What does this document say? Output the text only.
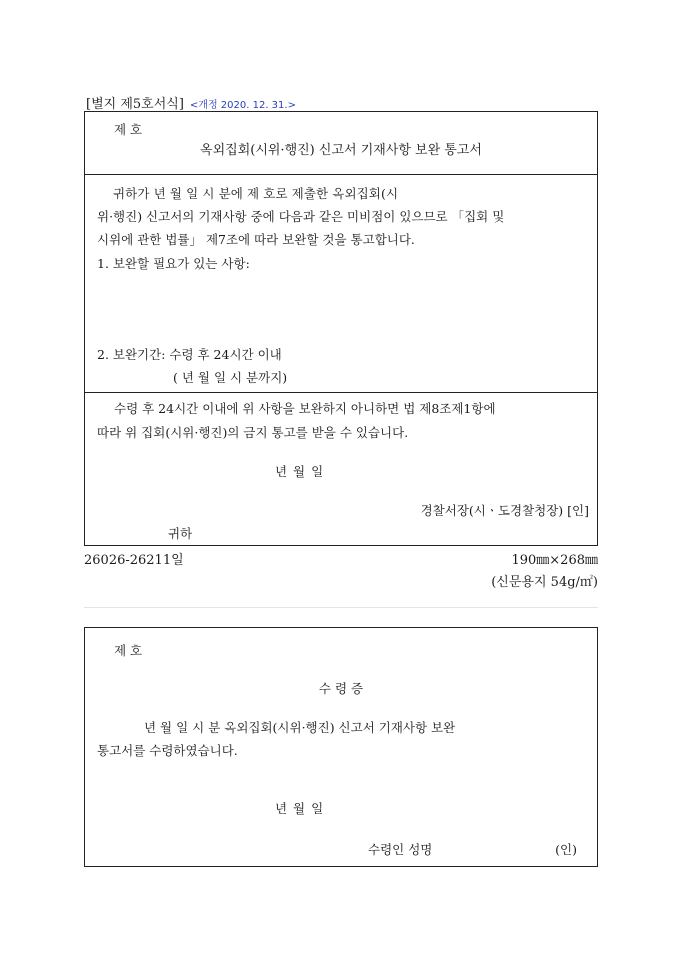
[별지 제5호서식] <개정 2020. 12. 31.>
제 호
옥외집회(시위·행진) 신고서 기재사항 보완 통고서
귀하가 년 월 일 시 분에 제 호로 제출한 옥외집회(시
위·행진) 신고서의 기재사항 중에 다음과 같은 미비점이 있으므로 「집회 및
시위에 관한 법률」 제7조에 따라 보완할 것을 통고합니다.
1. 보완할 필요가 있는 사항:
2. 보완기간: 수령 후 24시간 이내
( 년 월 일 시 분까지)
수령 후 24시간 이내에 위 사항을 보완하지 아니하면 법 제8조제1항에
따라 위 집회(시위·행진)의 금지 통고를 받을 수 있습니다.
년 월 일
경찰서장(시ㆍ도경찰청장) [인]
귀하
26026-26211일	190㎜×268㎜
(신문용지 54g/㎡)
제 호
수 령 증
년 월 일 시 분 옥외집회(시위·행진) 신고서 기재사항 보완
통고서를 수령하였습니다.
년 월 일
수령인 성명	(인)
